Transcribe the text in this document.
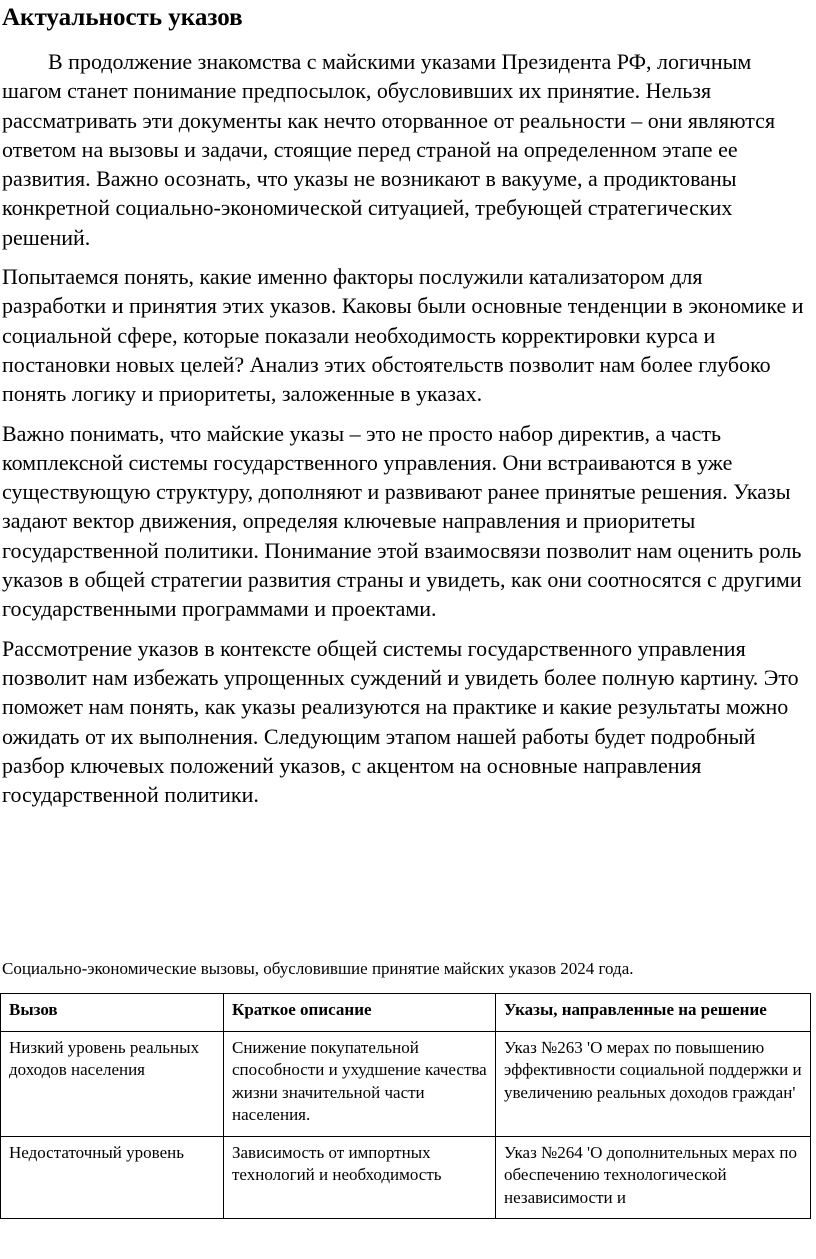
Актуальность указов

В продолжение знакомства с майскими указами Президента РФ, логичным шагом станет понимание предпосылок, обусловивших их принятие. Нельзя рассматривать эти документы как нечто оторванное от реальности – они являются ответом на вызовы и задачи, стоящие перед страной на определенном этапе ее развития. Важно осознать, что указы не возникают в вакууме, а продиктованы конкретной социально-экономической ситуацией, требующей стратегических решений.

Попытаемся понять, какие именно факторы послужили катализатором для разработки и принятия этих указов. Каковы были основные тенденции в экономике и социальной сфере, которые показали необходимость корректировки курса и постановки новых целей? Анализ этих обстоятельств позволит нам более глубоко понять логику и приоритеты, заложенные в указах.

Важно понимать, что майские указы – это не просто набор директив, а часть комплексной системы государственного управления. Они встраиваются в уже существующую структуру, дополняют и развивают ранее принятые решения. Указы задают вектор движения, определяя ключевые направления и приоритеты государственной политики. Понимание этой взаимосвязи позволит нам оценить роль указов в общей стратегии развития страны и увидеть, как они соотносятся с другими государственными программами и проектами.

Рассмотрение указов в контексте общей системы государственного управления позволит нам избежать упрощенных суждений и увидеть более полную картину. Это поможет нам понять, как указы реализуются на практике и какие результаты можно ожидать от их выполнения. Следующим этапом нашей работы будет подробный разбор ключевых положений указов, с акцентом на основные направления государственной политики.

Социально-экономические вызовы, обусловившие принятие майских указов 2024 года.

Вызов	Краткое описание	Указы, направленные на решение
Низкий уровень реальных доходов населения	Снижение покупательной способности и ухудшение качества жизни значительной части населения.	Указ №263 'О мерах по повышению эффективности социальной поддержки и увеличению реальных доходов граждан'
Недостаточный уровень	Зависимость от импортных технологий и необходимость	Указ №264 'О дополнительных мерах по обеспечению технологической независимости и
